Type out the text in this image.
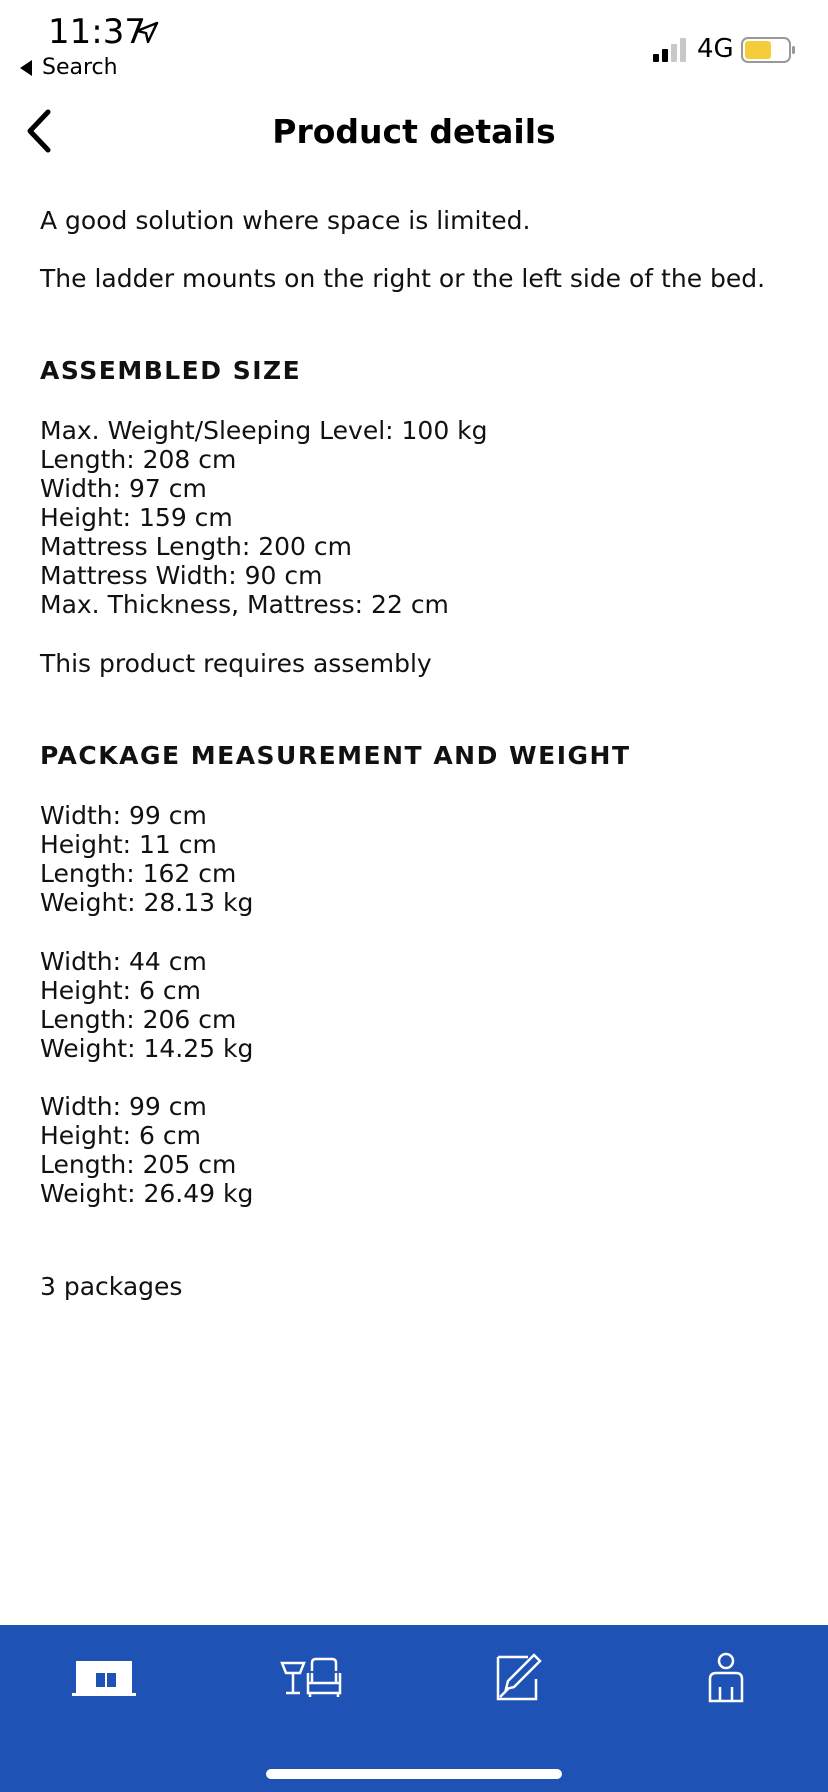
11:37
Search
4G
Product details

A good solution where space is limited.

The ladder mounts on the right or the left side of the bed.

ASSEMBLED SIZE
Max. Weight/Sleeping Level: 100 kg
Length: 208 cm
Width: 97 cm
Height: 159 cm
Mattress Length: 200 cm
Mattress Width: 90 cm
Max. Thickness, Mattress: 22 cm

This product requires assembly

PACKAGE MEASUREMENT AND WEIGHT
Width: 99 cm
Height: 11 cm
Length: 162 cm
Weight: 28.13 kg
Width: 44 cm
Height: 6 cm
Length: 206 cm
Weight: 14.25 kg
Width: 99 cm
Height: 6 cm
Length: 205 cm
Weight: 26.49 kg

3 packages
